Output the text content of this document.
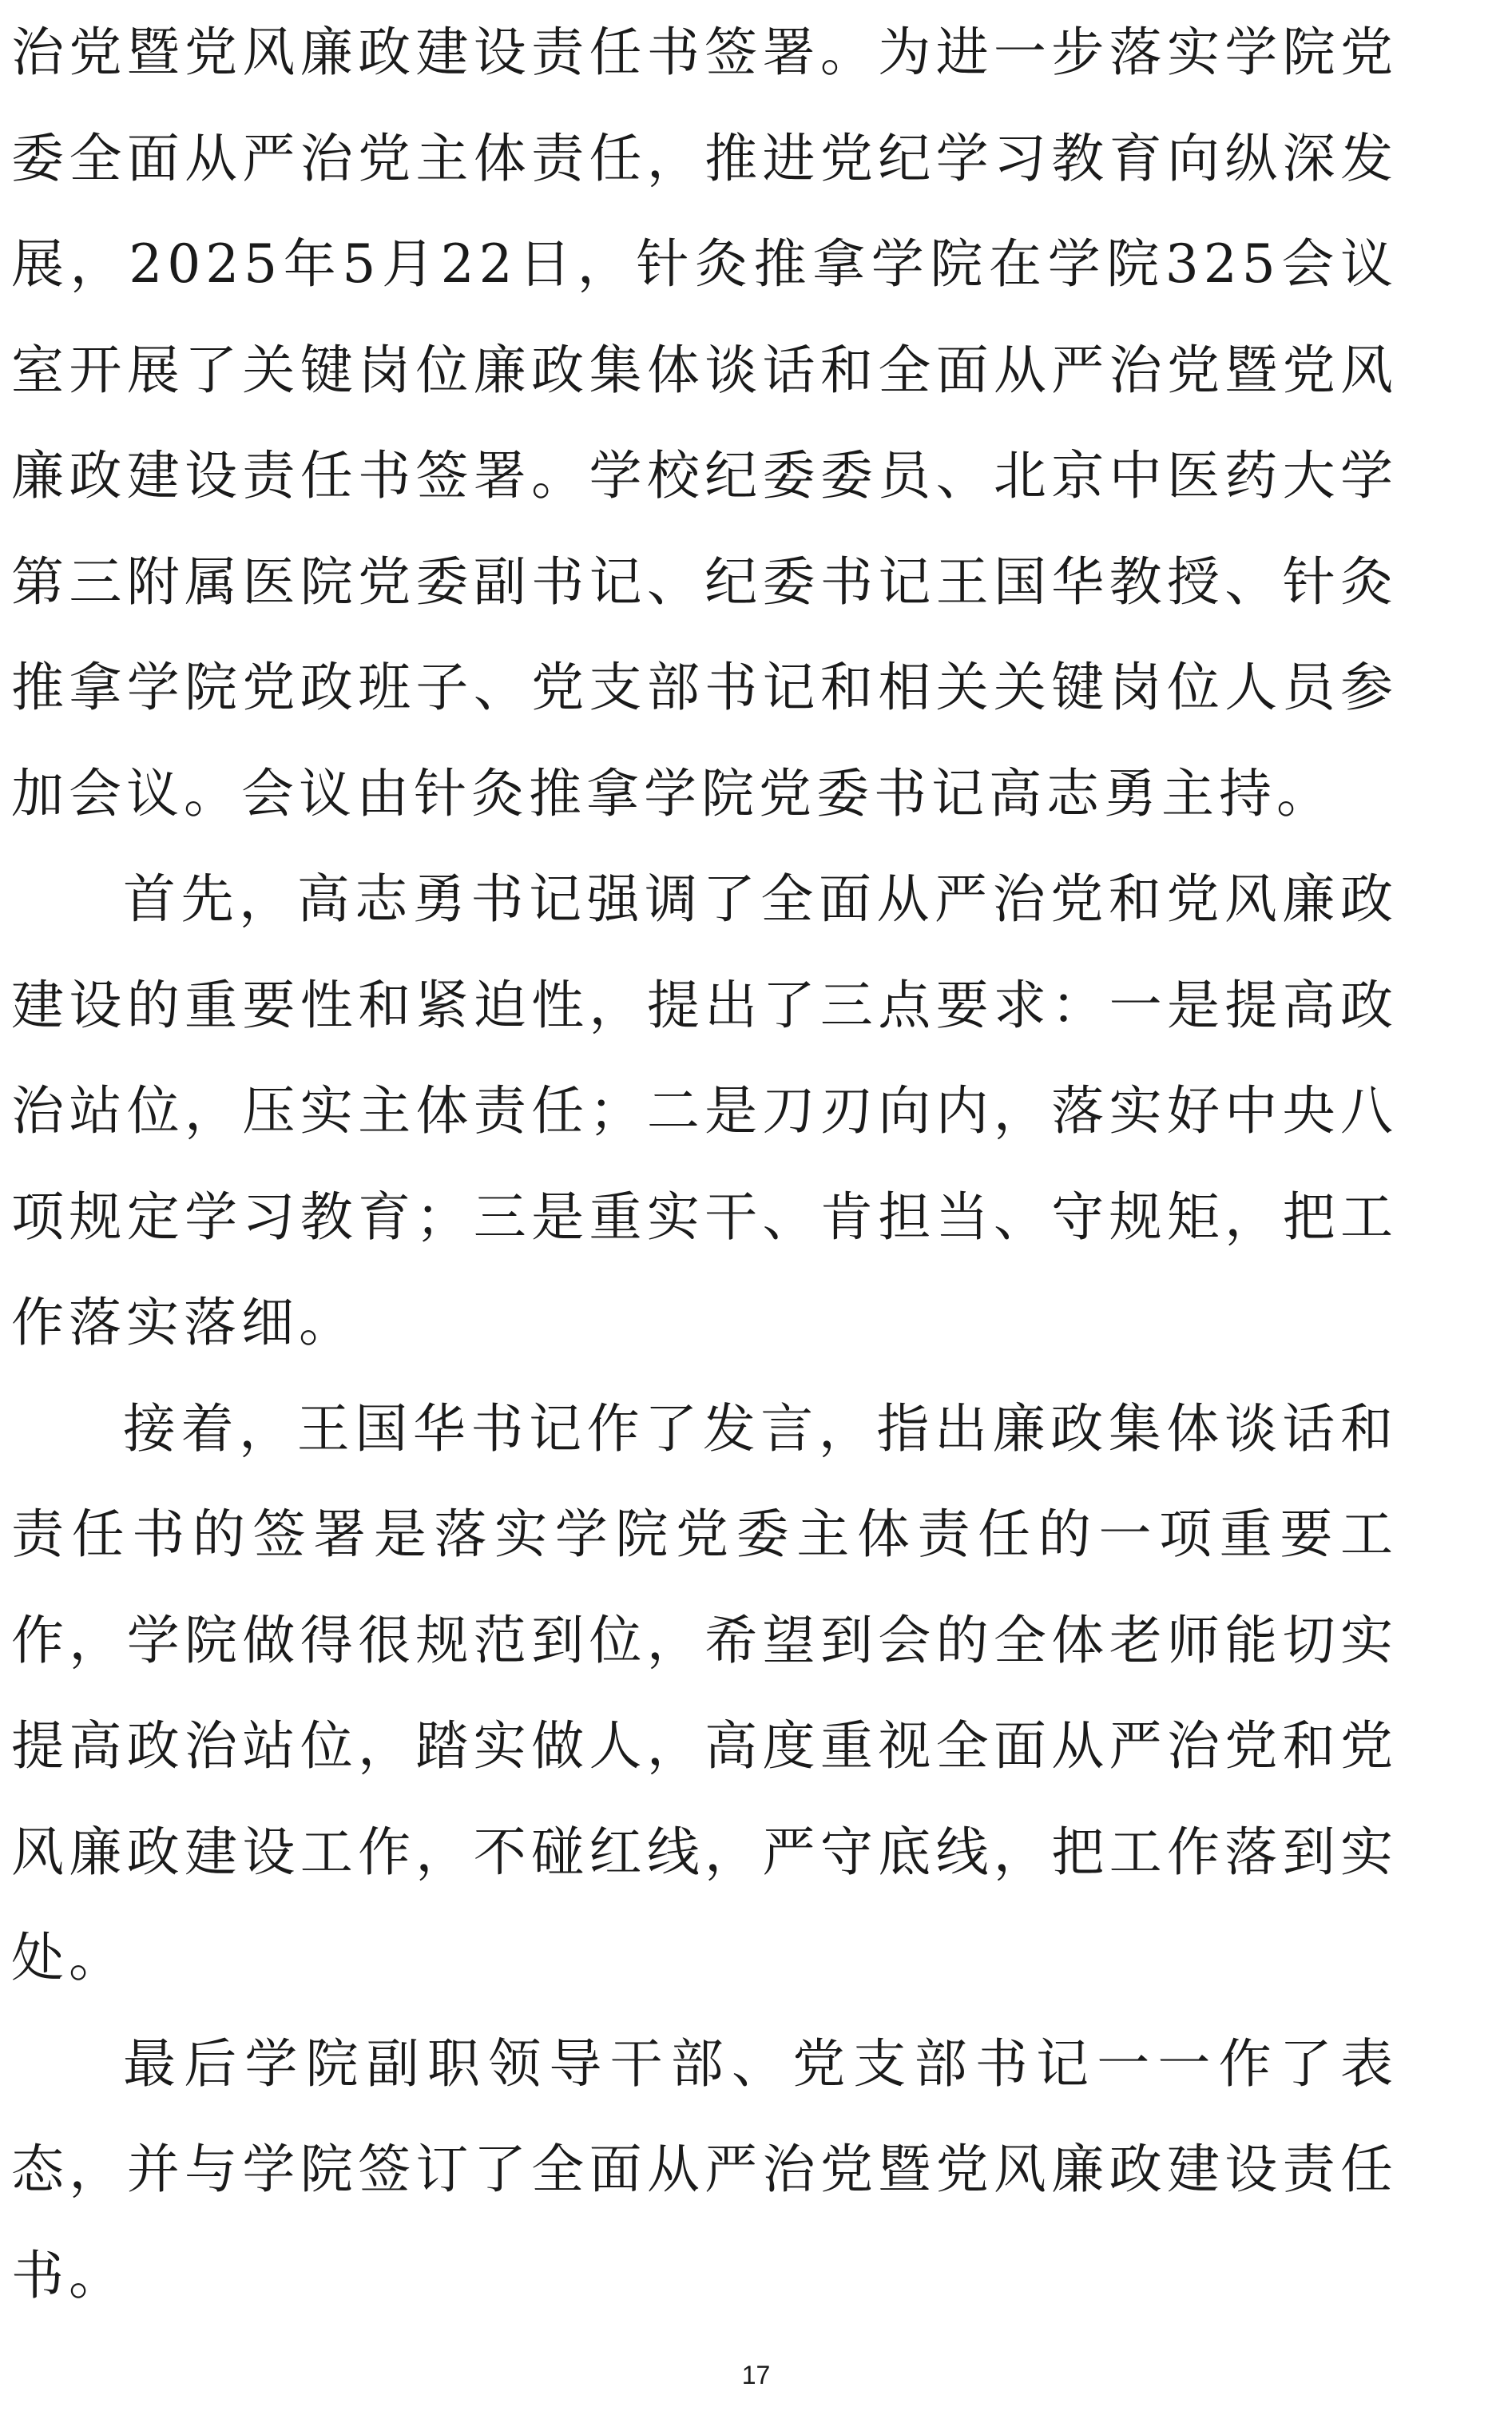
治党暨党风廉政建设责任书签署。为进一步落实学院党委全面从严治党主体责任，推进党纪学习教育向纵深发展，2025年5月22日，针灸推拿学院在学院325会议室开展了关键岗位廉政集体谈话和全面从严治党暨党风廉政建设责任书签署。学校纪委委员、北京中医药大学第三附属医院党委副书记、纪委书记王国华教授、针灸推拿学院党政班子、党支部书记和相关关键岗位人员参加会议。会议由针灸推拿学院党委书记高志勇主持。

首先，高志勇书记强调了全面从严治党和党风廉政建设的重要性和紧迫性，提出了三点要求：一是提高政治站位，压实主体责任；二是刀刃向内，落实好中央八项规定学习教育；三是重实干、肯担当、守规矩，把工作落实落细。

接着，王国华书记作了发言，指出廉政集体谈话和责任书的签署是落实学院党委主体责任的一项重要工作，学院做得很规范到位，希望到会的全体老师能切实提高政治站位，踏实做人，高度重视全面从严治党和党风廉政建设工作，不碰红线，严守底线，把工作落到实处。

最后学院副职领导干部、党支部书记一一作了表态，并与学院签订了全面从严治党暨党风廉政建设责任书。

17
